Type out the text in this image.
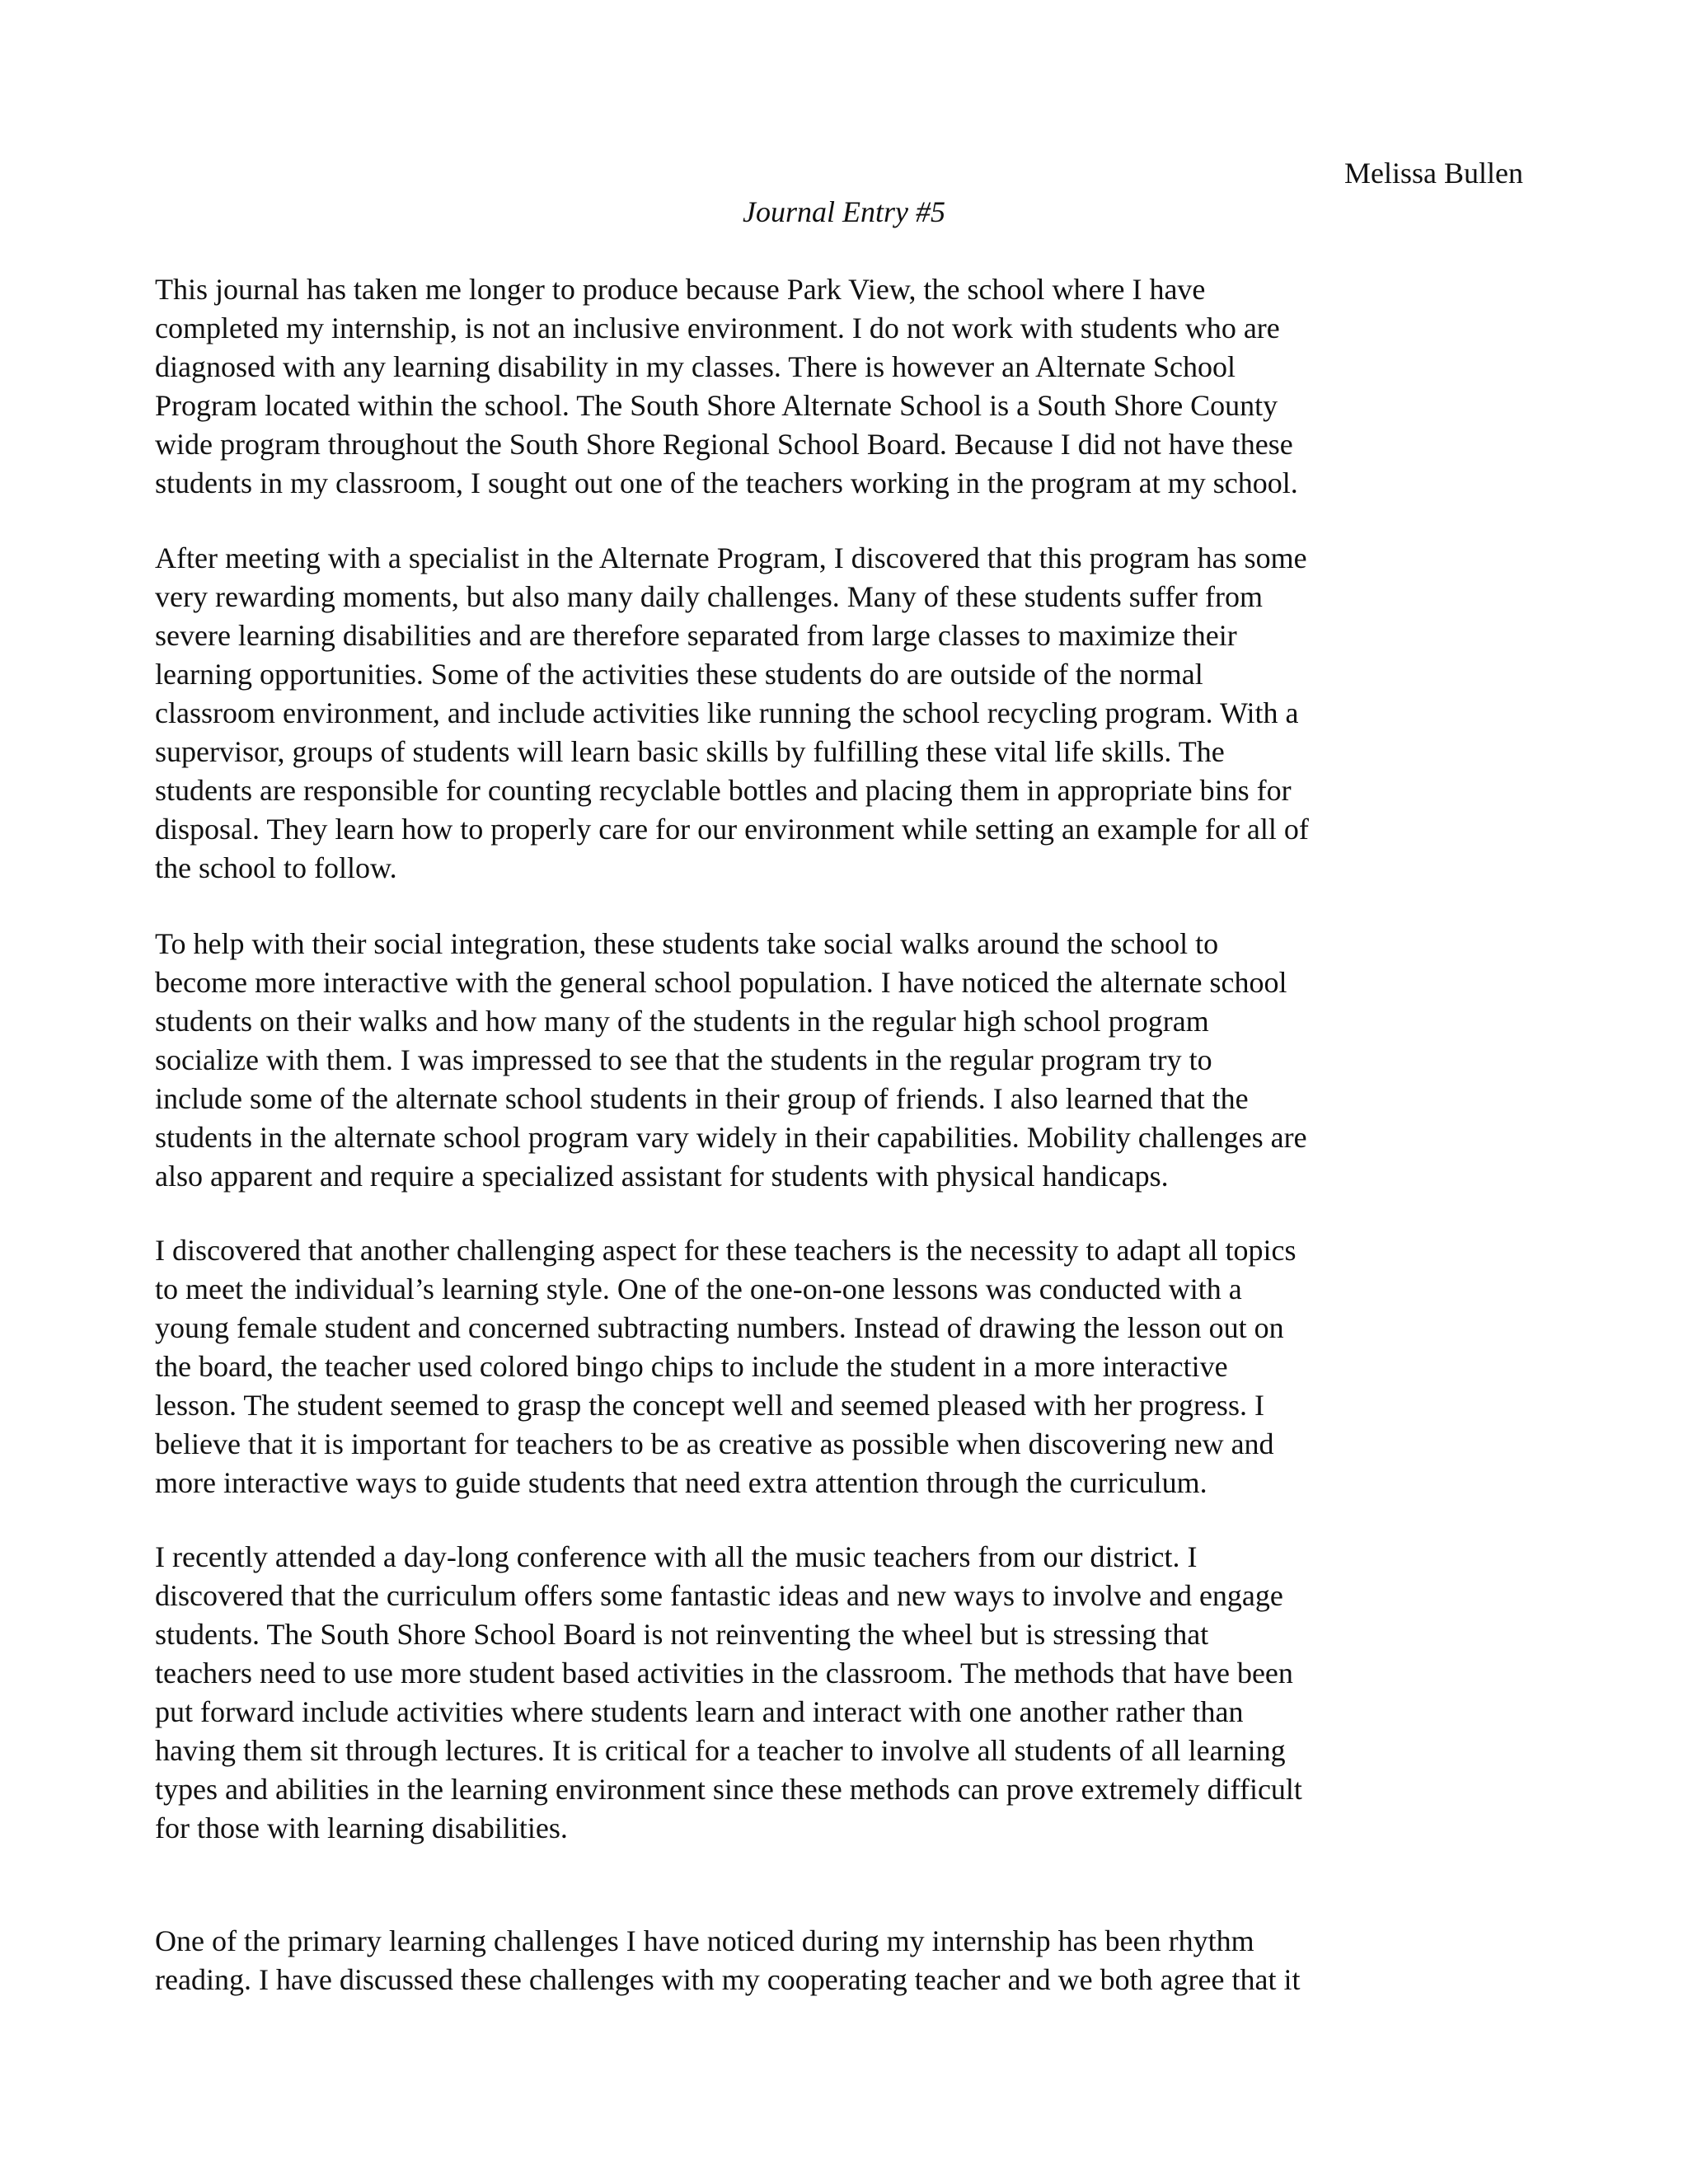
Melissa Bullen
Journal Entry #5
This journal has taken me longer to produce because Park View, the school where I have
completed my internship, is not an inclusive environment. I do not work with students who are
diagnosed with any learning disability in my classes. There is however an Alternate School
Program located within the school. The South Shore Alternate School is a South Shore County
wide program throughout the South Shore Regional School Board. Because I did not have these
students in my classroom, I sought out one of the teachers working in the program at my school.
After meeting with a specialist in the Alternate Program, I discovered that this program has some
very rewarding moments, but also many daily challenges. Many of these students suffer from
severe learning disabilities and are therefore separated from large classes to maximize their
learning opportunities. Some of the activities these students do are outside of the normal
classroom environment, and include activities like running the school recycling program. With a
supervisor, groups of students will learn basic skills by fulfilling these vital life skills. The
students are responsible for counting recyclable bottles and placing them in appropriate bins for
disposal. They learn how to properly care for our environment while setting an example for all of
the school to follow.
To help with their social integration, these students take social walks around the school to
become more interactive with the general school population. I have noticed the alternate school
students on their walks and how many of the students in the regular high school program
socialize with them. I was impressed to see that the students in the regular program try to
include some of the alternate school students in their group of friends. I also learned that the
students in the alternate school program vary widely in their capabilities. Mobility challenges are
also apparent and require a specialized assistant for students with physical handicaps.
I discovered that another challenging aspect for these teachers is the necessity to adapt all topics
to meet the individual’s learning style. One of the one-on-one lessons was conducted with a
young female student and concerned subtracting numbers. Instead of drawing the lesson out on
the board, the teacher used colored bingo chips to include the student in a more interactive
lesson. The student seemed to grasp the concept well and seemed pleased with her progress. I
believe that it is important for teachers to be as creative as possible when discovering new and
more interactive ways to guide students that need extra attention through the curriculum.
I recently attended a day-long conference with all the music teachers from our district. I
discovered that the curriculum offers some fantastic ideas and new ways to involve and engage
students. The South Shore School Board is not reinventing the wheel but is stressing that
teachers need to use more student based activities in the classroom. The methods that have been
put forward include activities where students learn and interact with one another rather than
having them sit through lectures. It is critical for a teacher to involve all students of all learning
types and abilities in the learning environment since these methods can prove extremely difficult
for those with learning disabilities.
One of the primary learning challenges I have noticed during my internship has been rhythm
reading. I have discussed these challenges with my cooperating teacher and we both agree that it
